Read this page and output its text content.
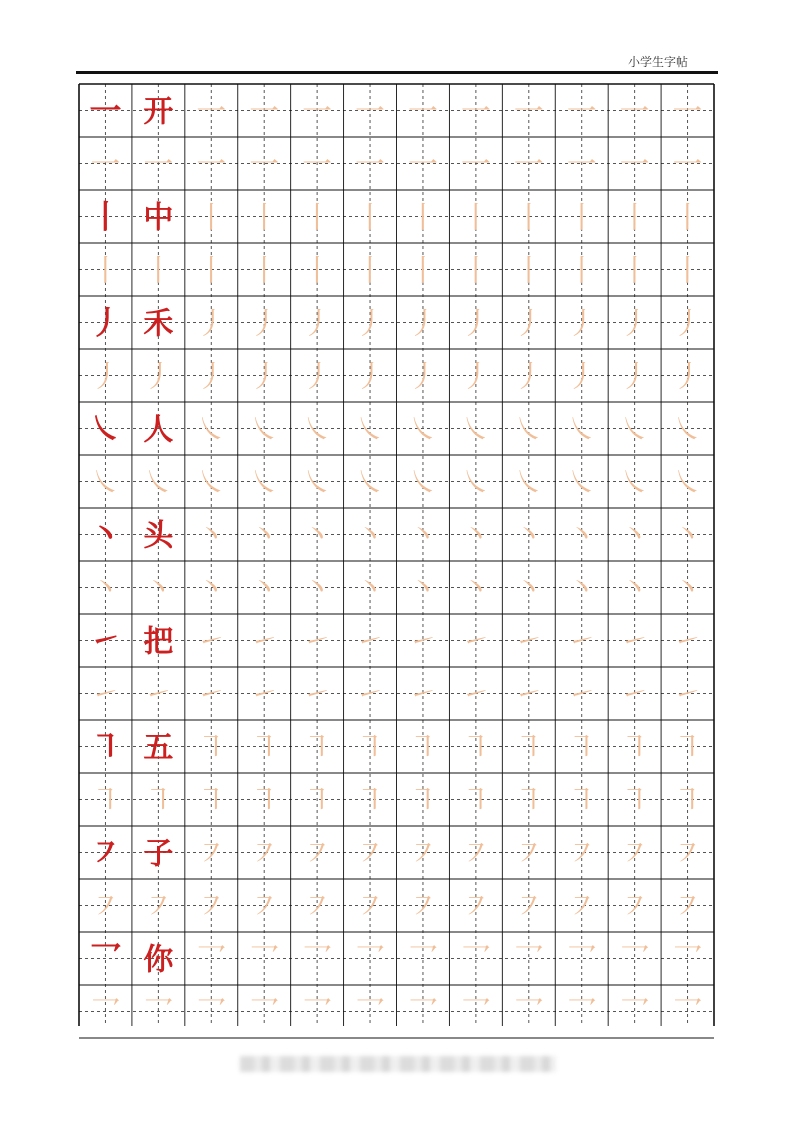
小学生字帖
一 开 一 一 一 一 一 一 一 一 一 一
一 一 一 一 一 一 一 一 一 一 一 一
丨 中 丨 丨 丨 丨 丨 丨 丨 丨 丨 丨
丨 丨 丨 丨 丨 丨 丨 丨 丨 丨 丨 丨
丿 禾 丿 丿 丿 丿 丿 丿 丿 丿 丿 丿
丿 丿 丿 丿 丿 丿 丿 丿 丿 丿 丿 丿
㇏ 人 ㇏ ㇏ ㇏ ㇏ ㇏ ㇏ ㇏ ㇏ ㇏ ㇏
㇏ ㇏ ㇏ ㇏ ㇏ ㇏ ㇏ ㇏ ㇏ ㇏ ㇏ ㇏
丶 头 丶 丶 丶 丶 丶 丶 丶 丶 丶 丶
丶 丶 丶 丶 丶 丶 丶 丶 丶 丶 丶 丶
㇀ 把 ㇀ ㇀ ㇀ ㇀ ㇀ ㇀ ㇀ ㇀ ㇀ ㇀
㇀ ㇀ ㇀ ㇀ ㇀ ㇀ ㇀ ㇀ ㇀ ㇀ ㇀ ㇀
㇕ 五 ㇕ ㇕ ㇕ ㇕ ㇕ ㇕ ㇕ ㇕ ㇕ ㇕
㇕ ㇕ ㇕ ㇕ ㇕ ㇕ ㇕ ㇕ ㇕ ㇕ ㇕ ㇕
㇇ 子 ㇇ ㇇ ㇇ ㇇ ㇇ ㇇ ㇇ ㇇ ㇇ ㇇
㇇ ㇇ ㇇ ㇇ ㇇ ㇇ ㇇ ㇇ ㇇ ㇇ ㇇ ㇇
乛 你 乛 乛 乛 乛 乛 乛 乛 乛 乛 乛
乛 乛 乛 乛 乛 乛 乛 乛 乛 乛 乛 乛
